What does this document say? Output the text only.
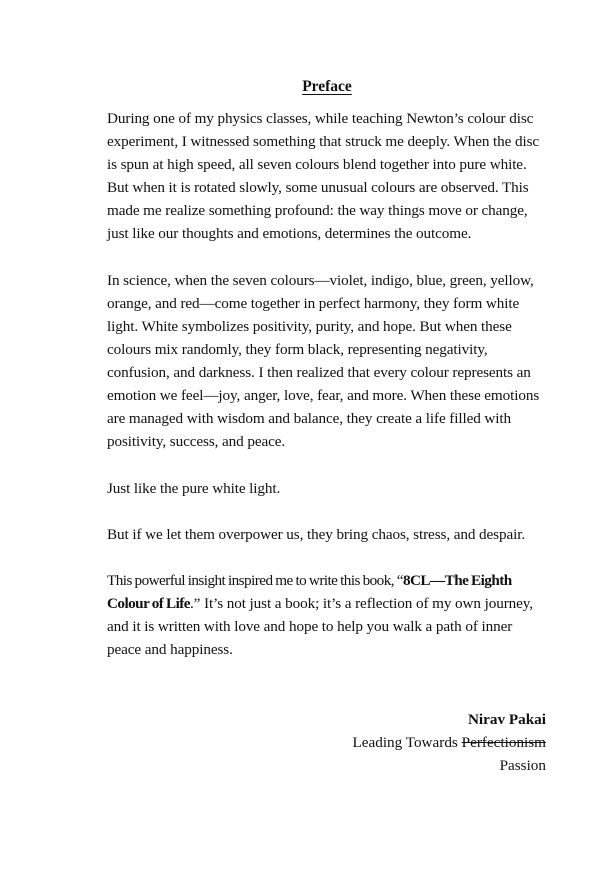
Preface

During one of my physics classes, while teaching Newton’s colour disc experiment, I witnessed something that struck me deeply. When the disc is spun at high speed, all seven colours blend together into pure white. But when it is rotated slowly, some unusual colours are observed. This made me realize something profound: the way things move or change, just like our thoughts and emotions, determines the outcome.

In science, when the seven colours—violet, indigo, blue, green, yellow, orange, and red—come together in perfect harmony, they form white light. White symbolizes positivity, purity, and hope. But when these colours mix randomly, they form black, representing negativity, confusion, and darkness. I then realized that every colour represents an emotion we feel—joy, anger, love, fear, and more. When these emotions are managed with wisdom and balance, they create a life filled with positivity, success, and peace.

Just like the pure white light.

But if we let them overpower us, they bring chaos, stress, and despair.

This powerful insight inspired me to write this book, “8CL—The Eighth Colour of Life.” It’s not just a book; it’s a reflection of my own journey, and it is written with love and hope to help you walk a path of inner peace and happiness.

Nirav Pakai
Leading Towards Perfectionism
Passion
